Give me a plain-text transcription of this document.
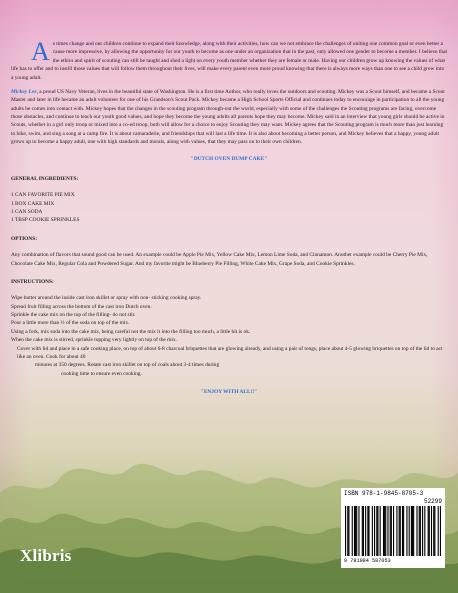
As times change and our children continue to expand their knowledge, along with their activities, how can we not embrace the challenges of uniting one common goal or even better a cause more impressive, by allowing the opportunity for our youth to become as one under an organization that in the past, only allowed one gender to become a member. I believe that the ethics and spirit of scouting can still be taught and shed a light on every youth member whether they are female or male. Having our children grow up knowing the values of what life has to offer and to instill those values that will follow them throughout their lives, will make every parent even more proud knowing that there is always more ways than one to see a child grow into a young adult.

Mickey Lee, a proud US Navy Veteran, lives in the beautiful state of Washington. He is a first time Author, who really loves the outdoors and scouting. Mickey was a Scout himself, and became a Scout Master and later in life became an adult volunteer for one of his Grandson's Scout Pack. Mickey became a High School Sports Official and continues today to encourage in participation to all the young adults he comes into contact with. Mickey hopes that the changes in the scouting program through-out the world, especially with some of the challenges the Scouting programs are facing, overcome those obstacles, and continue to teach our youth good values, and hope they become the young adults all parents hope they may become. Mickey said in an interview that young girls should be active in Scouts, whether in a girl only troop or mixed into a co-ed troop, both will allow for a choice to enjoy Scouting they may want. Mickey agrees that the Scouting program is much more than just learning to hike, swim, and sing a song at a camp fire. It is about camaraderie, and friendships that will last a life time. It is also about becoming a better person, and Mickey believes that a happy, young adult grows up to become a happy adult, one with high standards and morals, along with values, that they may pass on to their own children.

"DUTCH OVEN DUMP CAKE"
GENERAL INGREDIENTS:
1 CAN FAVORITE PIE MIX
1 BOX CAKE MIX
1 CAN SODA
1 TBSP COOKIE SPRINKLES
OPTIONS:

Any combination of flavors that sound good can be used. An example could be Apple Pie Mix, Yellow Cake Mix, Lemon Lime Soda, and Cinnamon. Another example could be Cherry Pie Mix, Chocolate Cake Mix, Regular Cola and Powdered Sugar. And my favorite might be Blueberry Pie Filling, White Cake Mix, Grape Soda, and Cookie Sprinkles.

INSTRUCTIONS:
Wipe butter around the inside cast iron skillet or spray with non- sticking cooking spray.
Spread fruit filling across the bottom of the cast iron Dutch oven.
Sprinkle the cake mix on the top of the filling- do not stir.
Pour a little more than ½ of the soda on top of the mix.
Using a fork, mix soda into the cake mix, being careful not the mix it into the filling too much, a little bit is ok.
When the cake mix is stirred, sprinkle topping very lightly on top of the mix.
Cover with lid and place in a safe cooking place, on top of about 6-8 charcoal briquettes that are glowing already, and using a pair of tongs, place about 4-5 glowing briquettes on top of the lid to act like an oven. Cook for about 40
minutes at 350 degrees. Rotate cast iron skillet on top of coals about 3-4 times during
cooking time to ensure even cooking.
"ENJOY WITH ALL!!"
Xlibris
ISBN 978-1-9845-8705-3
52299
9 781984 587053
